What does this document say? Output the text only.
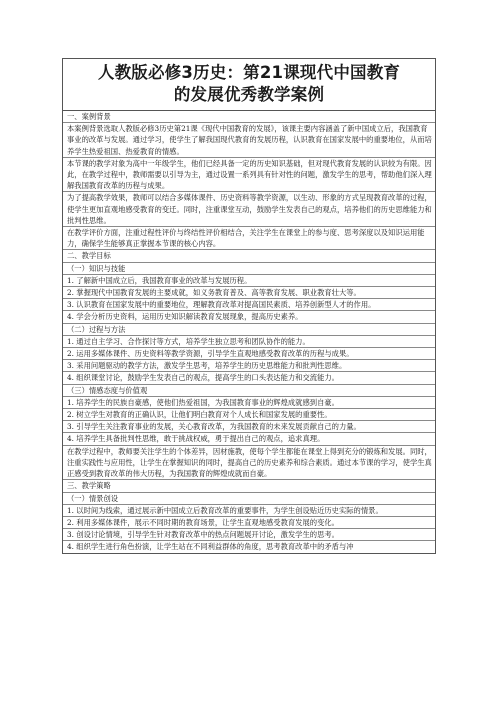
人教版必修3历史：第21课现代中国教育
的发展优秀教学案例
一、案例背景
本案例背景选取人教版必修3历史第21课《现代中国教育的发展》，该课主要内容涵盖了新中国成立后，我国教育事业的改革与发展。通过学习，使学生了解我国现代教育的发展历程，认识教育在国家发展中的重要地位，从而培养学生热爱祖国、热爱教育的情感。
本节课的教学对象为高中一年级学生，他们已经具备一定的历史知识基础，但对现代教育发展的认识较为有限。因此，在教学过程中，教师需要以引导为主，通过设置一系列具有针对性的问题，激发学生的思考，帮助他们深入理解我国教育改革的历程与成果。
为了提高教学效果，教师可以结合多媒体课件、历史资料等教学资源，以生动、形象的方式呈现教育改革的过程，使学生更加直观地感受教育的变迁。同时，注重课堂互动，鼓励学生发表自己的观点，培养他们的历史思维能力和批判性思维。
在教学评价方面，注重过程性评价与终结性评价相结合，关注学生在课堂上的参与度、思考深度以及知识运用能力，确保学生能够真正掌握本节课的核心内容。
二、教学目标
（一）知识与技能
1. 了解新中国成立后，我国教育事业的改革与发展历程。
2. 掌握现代中国教育发展的主要成就，如义务教育普及、高等教育发展、职业教育壮大等。
3. 认识教育在国家发展中的重要地位，理解教育改革对提高国民素质、培养创新型人才的作用。
4. 学会分析历史资料，运用历史知识解读教育发展现象，提高历史素养。
（二）过程与方法
1. 通过自主学习、合作探讨等方式，培养学生独立思考和团队协作的能力。
2. 运用多媒体课件、历史资料等教学资源，引导学生直观地感受教育改革的历程与成果。
3. 采用问题驱动的教学方法，激发学生思考，培养学生的历史思维能力和批判性思维。
4. 组织课堂讨论，鼓励学生发表自己的观点，提高学生的口头表达能力和交流能力。
（三）情感态度与价值观
1. 培养学生的民族自豪感，使他们热爱祖国，为我国教育事业的辉煌成就感到自豪。
2. 树立学生对教育的正确认识，让他们明白教育对个人成长和国家发展的重要性。
3. 引导学生关注教育事业的发展，关心教育改革，为我国教育的未来发展贡献自己的力量。
4. 培养学生具备批判性思维，敢于挑战权威，勇于提出自己的观点，追求真理。
在教学过程中，教师要关注学生的个体差异，因材施教，使每个学生都能在课堂上得到充分的锻炼和发展。同时，注重实践性与应用性，让学生在掌握知识的同时，提高自己的历史素养和综合素质。通过本节课的学习，使学生真正感受到教育改革的伟大历程，为我国教育的辉煌成就而自豪。
三、教学策略
（一）情景创设
1. 以时间为线索，通过展示新中国成立后教育改革的重要事件，为学生创设贴近历史实际的情景。
2. 利用多媒体课件，展示不同时期的教育场景，让学生直观地感受教育发展的变化。
3. 创设讨论情境，引导学生针对教育改革中的热点问题展开讨论，激发学生的思考。
4. 组织学生进行角色扮演，让学生站在不同利益群体的角度，思考教育改革中的矛盾与冲
